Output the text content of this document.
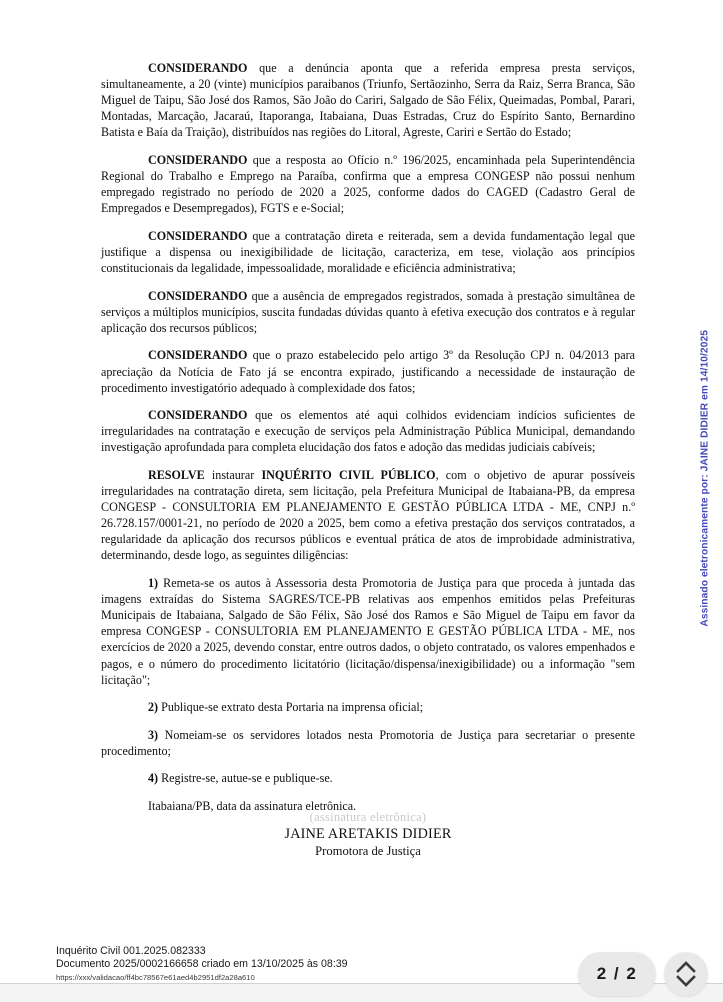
CONSIDERANDO que a denúncia aponta que a referida empresa presta serviços, simultaneamente, a 20 (vinte) municípios paraibanos (Triunfo, Sertãozinho, Serra da Raiz, Serra Branca, São Miguel de Taipu, São José dos Ramos, São João do Cariri, Salgado de São Félix, Queimadas, Pombal, Parari, Montadas, Marcação, Jacaraú, Itaporanga, Itabaiana, Duas Estradas, Cruz do Espírito Santo, Bernardino Batista e Baía da Traição), distribuídos nas regiões do Litoral, Agreste, Cariri e Sertão do Estado;

CONSIDERANDO que a resposta ao Ofício n.º 196/2025, encaminhada pela Superintendência Regional do Trabalho e Emprego na Paraíba, confirma que a empresa CONGESP não possui nenhum empregado registrado no período de 2020 a 2025, conforme dados do CAGED (Cadastro Geral de Empregados e Desempregados), FGTS e e-Social;

CONSIDERANDO que a contratação direta e reiterada, sem a devida fundamentação legal que justifique a dispensa ou inexigibilidade de licitação, caracteriza, em tese, violação aos princípios constitucionais da legalidade, impessoalidade, moralidade e eficiência administrativa;

CONSIDERANDO que a ausência de empregados registrados, somada à prestação simultânea de serviços a múltiplos municípios, suscita fundadas dúvidas quanto à efetiva execução dos contratos e à regular aplicação dos recursos públicos;

CONSIDERANDO que o prazo estabelecido pelo artigo 3º da Resolução CPJ n. 04/2013 para apreciação da Notícia de Fato já se encontra expirado, justificando a necessidade de instauração de procedimento investigatório adequado à complexidade dos fatos;

CONSIDERANDO que os elementos até aqui colhidos evidenciam indícios suficientes de irregularidades na contratação e execução de serviços pela Administração Pública Municipal, demandando investigação aprofundada para completa elucidação dos fatos e adoção das medidas judiciais cabíveis;

RESOLVE instaurar INQUÉRITO CIVIL PÚBLICO, com o objetivo de apurar possíveis irregularidades na contratação direta, sem licitação, pela Prefeitura Municipal de Itabaiana-PB, da empresa CONGESP - CONSULTORIA EM PLANEJAMENTO E GESTÃO PÚBLICA LTDA - ME, CNPJ n.º 26.728.157/0001-21, no período de 2020 a 2025, bem como a efetiva prestação dos serviços contratados, a regularidade da aplicação dos recursos públicos e eventual prática de atos de improbidade administrativa, determinando, desde logo, as seguintes diligências:

1) Remeta-se os autos à Assessoria desta Promotoria de Justiça para que proceda à juntada das imagens extraídas do Sistema SAGRES/TCE-PB relativas aos empenhos emitidos pelas Prefeituras Municipais de Itabaiana, Salgado de São Félix, São José dos Ramos e São Miguel de Taipu em favor da empresa CONGESP - CONSULTORIA EM PLANEJAMENTO E GESTÃO PÚBLICA LTDA - ME, nos exercícios de 2020 a 2025, devendo constar, entre outros dados, o objeto contratado, os valores empenhados e pagos, e o número do procedimento licitatório (licitação/dispensa/inexigibilidade) ou a informação "sem licitação";

2) Publique-se extrato desta Portaria na imprensa oficial;

3) Nomeiam-se os servidores lotados nesta Promotoria de Justiça para secretariar o presente procedimento;

4) Registre-se, autue-se e publique-se.

Itabaiana/PB, data da assinatura eletrônica.

(assinatura eletrônica)
JAINE ARETAKIS DIDIER
Promotora de Justiça
Assinado eletronicamente por: JAINE DIDIER em 14/10/2025
Inquérito Civil 001.2025.082333
Documento 2025/0002166658 criado em 13/10/2025 às 08:39
https://xxx/validacao/ff4bc78567e61aed4b2951df2a28a610	2 / 2
